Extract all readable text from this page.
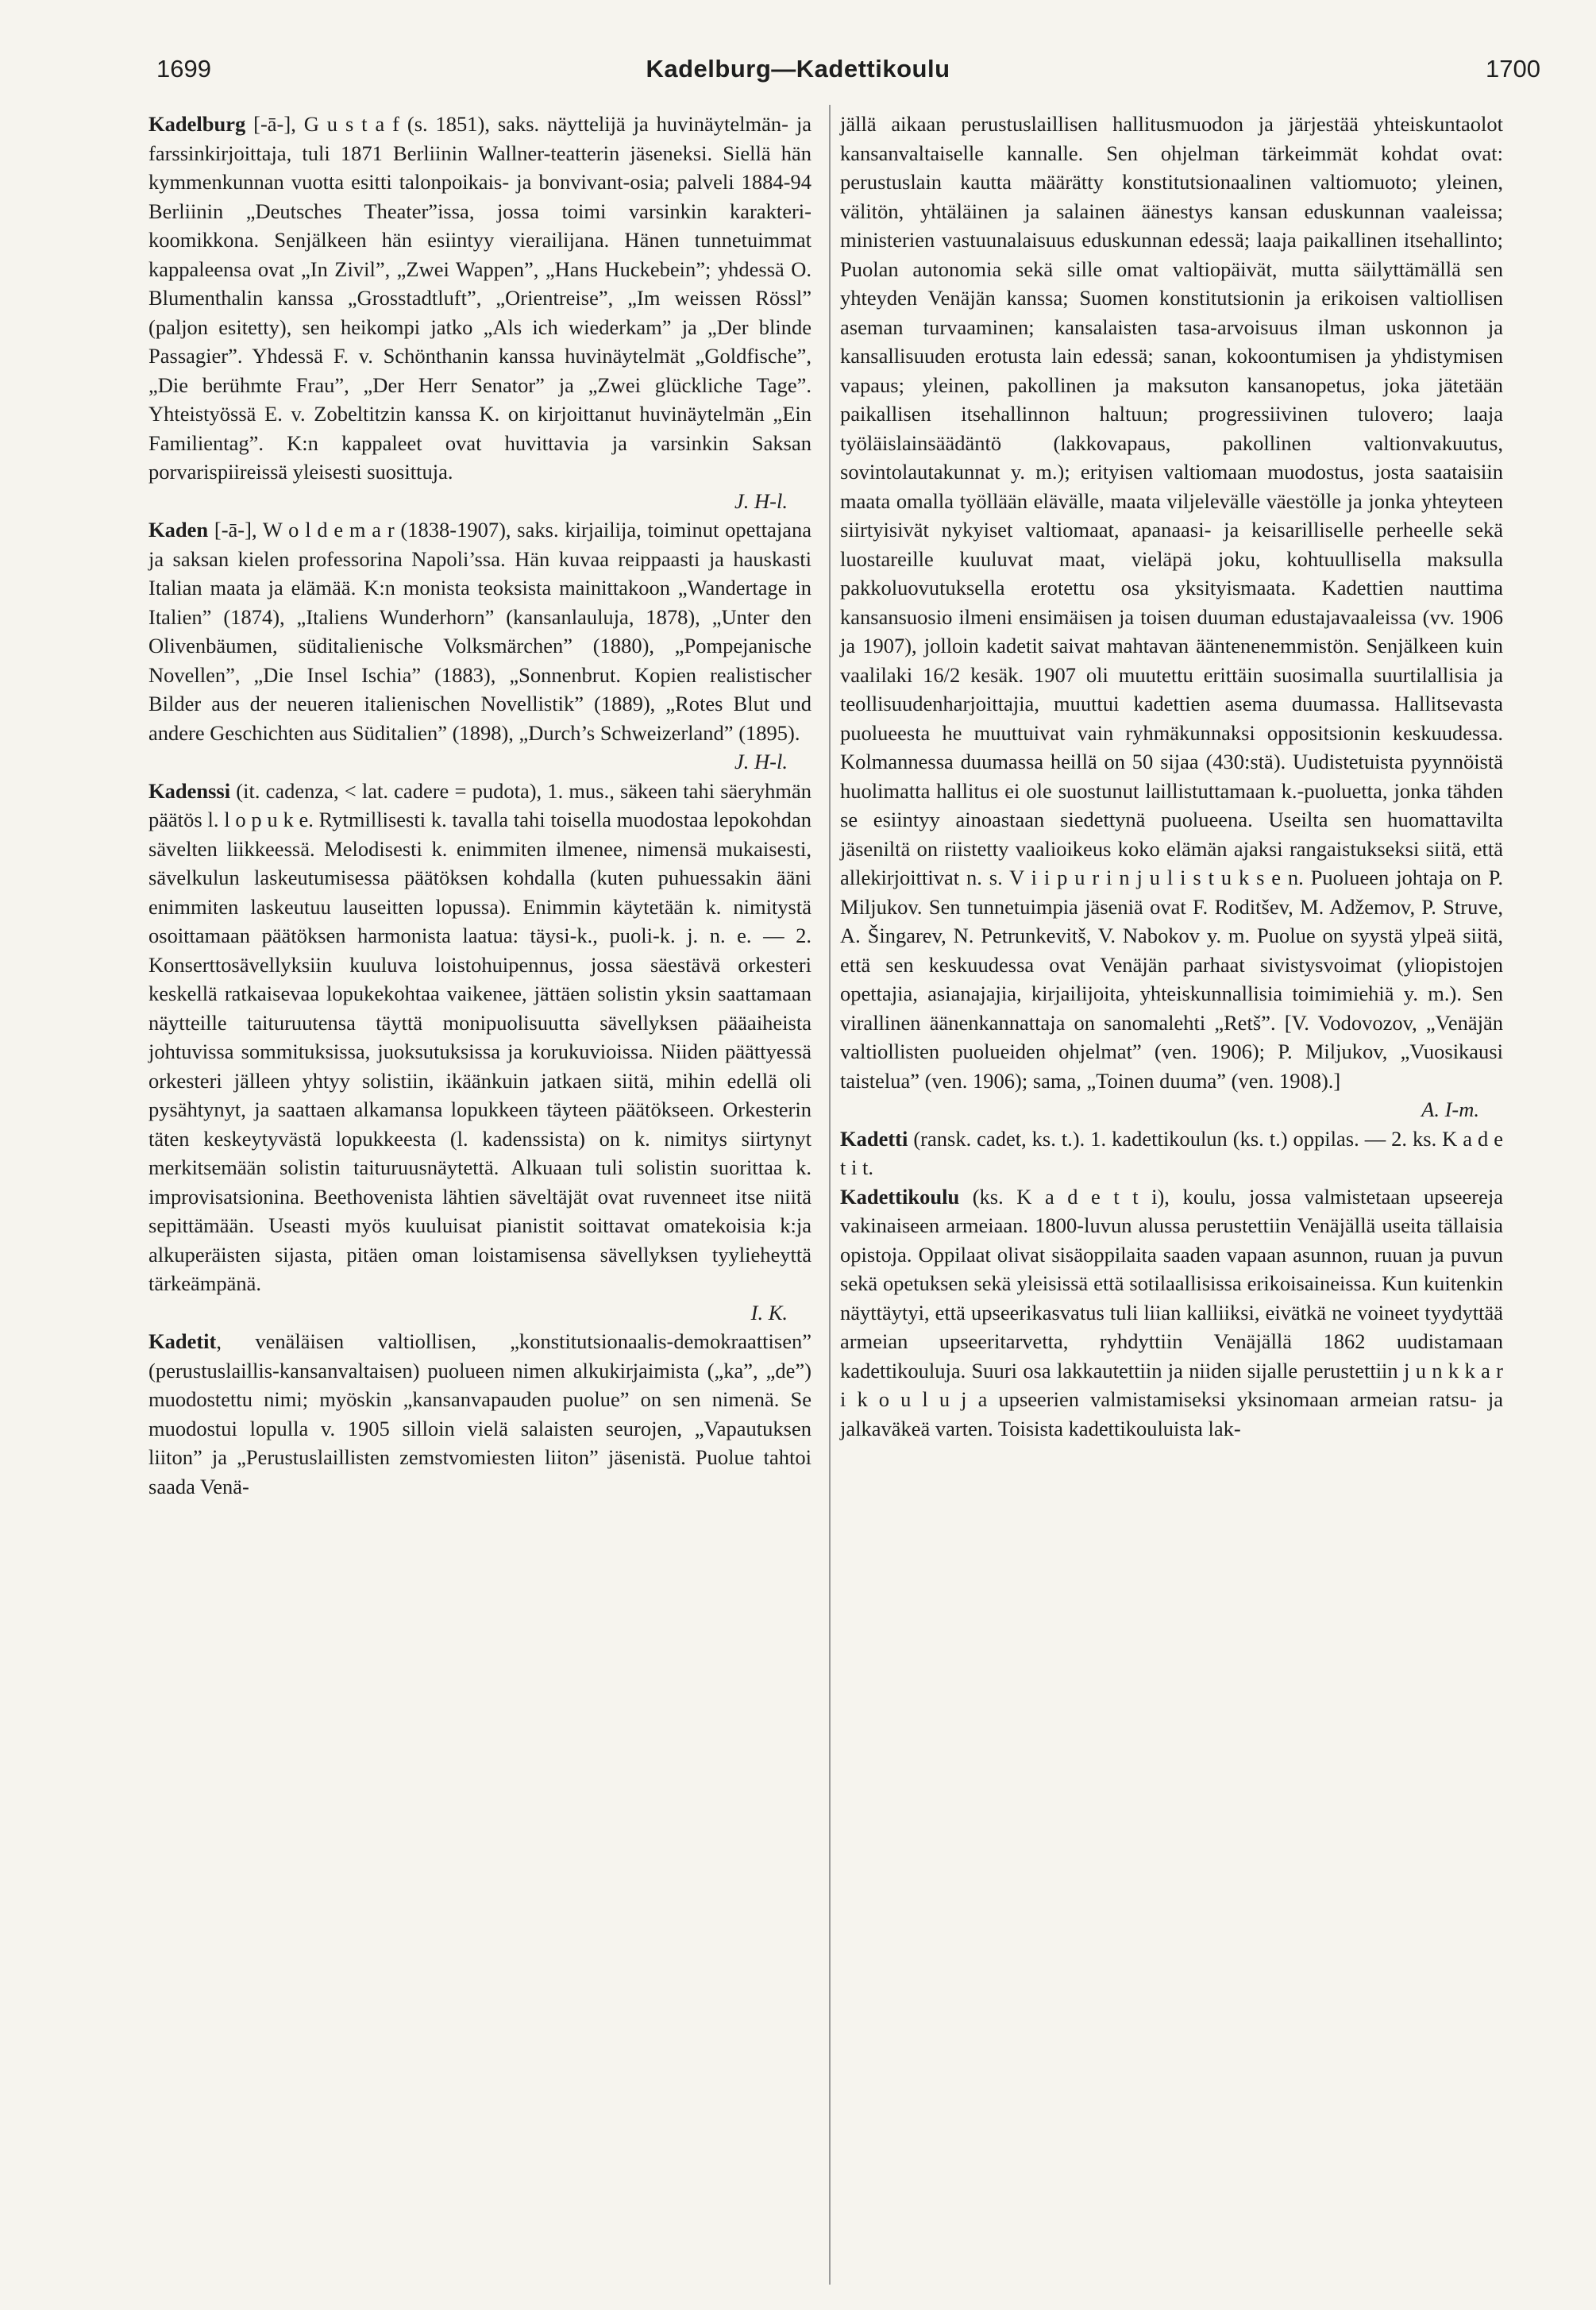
1699	Kadelburg—Kadettikoulu	1700

Kadelburg [-ā-], G u s t a f (s. 1851), saks. näyttelijä ja huvinäytelmän- ja farssinkirjoittaja, tuli 1871 Berliinin Wallner-teatterin jäseneksi. Siellä hän kymmenkunnan vuotta esitti talonpoikais- ja bonvivant-osia; palveli 1884-94 Berliinin „Deutsches Theater”issa, jossa toimi varsinkin karakteri-koomikkona. Senjälkeen hän esiintyy vierailijana. Hänen tunnetuimmat kappaleensa ovat „In Zivil”, „Zwei Wappen”, „Hans Huckebein”; yhdessä O. Blumenthalin kanssa „Grosstadtluft”, „Orientreise”, „Im weissen Rössl” (paljon esitetty), sen heikompi jatko „Als ich wiederkam” ja „Der blinde Passagier”. Yhdessä F. v. Schönthanin kanssa huvinäytelmät „Goldfische”, „Die berühmte Frau”, „Der Herr Senator” ja „Zwei glückliche Tage”. Yhteistyössä E. v. Zobeltitzin kanssa K. on kirjoittanut huvinäytelmän „Ein Familientag”. K:n kappaleet ovat huvittavia ja varsinkin Saksan porvarispiireissä yleisesti suosittuja.
J. H-l.

Kaden [-ā-], W o l d e m a r (1838-1907), saks. kirjailija, toiminut opettajana ja saksan kielen professorina Napoli’ssa. Hän kuvaa reippaasti ja hauskasti Italian maata ja elämää. K:n monista teoksista mainittakoon „Wandertage in Italien” (1874), „Italiens Wunderhorn” (kansanlauluja, 1878), „Unter den Olivenbäumen, süditalienische Volksmärchen” (1880), „Pompejanische Novellen”, „Die Insel Ischia” (1883), „Sonnenbrut. Kopien realistischer Bilder aus der neueren italienischen Novellistik” (1889), „Rotes Blut und andere Geschichten aus Süditalien” (1898), „Durch’s Schweizerland” (1895).
J. H-l.

Kadenssi (it. cadenza, < lat. cadere = pudota), 1. mus., säkeen tahi säeryhmän päätös l. l o p u k e. Rytmillisesti k. tavalla tahi toisella muodostaa lepokohdan sävelten liikkeessä. Melodisesti k. enimmiten ilmenee, nimensä mukaisesti, sävelkulun laskeutumisessa päätöksen kohdalla (kuten puhuessakin ääni enimmiten laskeutuu lauseitten lopussa). Enimmin käytetään k. nimitystä osoittamaan päätöksen harmonista laatua: täysi-k., puoli-k. j. n. e. — 2. Konserttosävellyksiin kuuluva loistohuipennus, jossa säestävä orkesteri keskellä ratkaisevaa lopukekohtaa vaikenee, jättäen solistin yksin saattamaan näytteille taituruutensa täyttä monipuolisuutta sävellyksen pääaiheista johtuvissa sommituksissa, juoksutuksissa ja korukuvioissa. Niiden päättyessä orkesteri jälleen yhtyy solistiin, ikäänkuin jatkaen siitä, mihin edellä oli pysähtynyt, ja saattaen alkamansa lopukkeen täyteen päätökseen. Orkesterin täten keskeytyvästä lopukkeesta (l. kadenssista) on k. nimitys siirtynyt merkitsemään solistin taituruusnäytettä. Alkuaan tuli solistin suorittaa k. improvisatsionina. Beethovenista lähtien säveltäjät ovat ruvenneet itse niitä sepittämään. Useasti myös kuuluisat pianistit soittavat omatekoisia k:ja alkuperäisten sijasta, pitäen oman loistamisensa sävellyksen tyylieheyttä tärkeämpänä.
I. K.

Kadetit, venäläisen valtiollisen, „konstitutsionaalis-demokraattisen” (perustuslaillis-kansanvaltaisen) puolueen nimen alkukirjaimista („ka”, „de”) muodostettu nimi; myöskin „kansanvapauden puolue” on sen nimenä. Se muodostui lopulla v. 1905 silloin vielä salaisten seurojen, „Vapautuksen liiton” ja „Perustuslaillisten zemstvomiesten liiton” jäsenistä. Puolue tahtoi saada Venä-

jällä aikaan perustuslaillisen hallitusmuodon ja järjestää yhteiskuntaolot kansanvaltaiselle kannalle. Sen ohjelman tärkeimmät kohdat ovat: perustuslain kautta määrätty konstitutsionaalinen valtiomuoto; yleinen, välitön, yhtäläinen ja salainen äänestys kansan eduskunnan vaaleissa; ministerien vastuunalaisuus eduskunnan edessä; laaja paikallinen itsehallinto; Puolan autonomia sekä sille omat valtiopäivät, mutta säilyttämällä sen yhteyden Venäjän kanssa; Suomen konstitutsionin ja erikoisen valtiollisen aseman turvaaminen; kansalaisten tasa-arvoisuus ilman uskonnon ja kansallisuuden erotusta lain edessä; sanan, kokoontumisen ja yhdistymisen vapaus; yleinen, pakollinen ja maksuton kansanopetus, joka jätetään paikallisen itsehallinnon haltuun; progressiivinen tulovero; laaja työläislainsäädäntö (lakkovapaus, pakollinen valtionvakuutus, sovintolautakunnat y. m.); erityisen valtiomaan muodostus, josta saataisiin maata omalla työllään elävälle, maata viljelevälle väestölle ja jonka yhteyteen siirtyisivät nykyiset valtiomaat, apanaasi- ja keisarilliselle perheelle sekä luostareille kuuluvat maat, vieläpä joku, kohtuullisella maksulla pakkoluovutuksella erotettu osa yksityismaata. Kadettien nauttima kansansuosio ilmeni ensimäisen ja toisen duuman edustajavaaleissa (vv. 1906 ja 1907), jolloin kadetit saivat mahtavan ääntenenemmistön. Senjälkeen kuin vaalilaki 16/2 kesäk. 1907 oli muutettu erittäin suosimalla suurtilallisia ja teollisuudenharjoittajia, muuttui kadettien asema duumassa. Hallitsevasta puolueesta he muuttuivat vain ryhmäkunnaksi oppositsionin keskuudessa. Kolmannessa duumassa heillä on 50 sijaa (430:stä). Uudistetuista pyynnöistä huolimatta hallitus ei ole suostunut laillistuttamaan k.-puoluetta, jonka tähden se esiintyy ainoastaan siedettynä puolueena. Useilta sen huomattavilta jäseniltä on riistetty vaalioikeus koko elämän ajaksi rangaistukseksi siitä, että allekirjoittivat n. s. V i i p u r i n j u l i s t u k s e n. Puolueen johtaja on P. Miljukov. Sen tunnetuimpia jäseniä ovat F. Roditšev, M. Adžemov, P. Struve, A. Šingarev, N. Petrunkevitš, V. Nabokov y. m. Puolue on syystä ylpeä siitä, että sen keskuudessa ovat Venäjän parhaat sivistysvoimat (yliopistojen opettajia, asianajajia, kirjailijoita, yhteiskunnallisia toimimiehiä y. m.). Sen virallinen äänenkannattaja on sanomalehti „Retš”. [V. Vodovozov, „Venäjän valtiollisten puolueiden ohjelmat” (ven. 1906); P. Miljukov, „Vuosikausi taistelua” (ven. 1906); sama, „Toinen duuma” (ven. 1908).]
A. I-m.

Kadetti (ransk. cadet, ks. t.). 1. kadettikoulun (ks. t.) oppilas. — 2. ks. K a d e t i t.

Kadettikoulu (ks. K a d e t t i), koulu, jossa valmistetaan upseereja vakinaiseen armeiaan. 1800-luvun alussa perustettiin Venäjällä useita tällaisia opistoja. Oppilaat olivat sisäoppilaita saaden vapaan asunnon, ruuan ja puvun sekä opetuksen sekä yleisissä että sotilaallisissa erikoisaineissa. Kun kuitenkin näyttäytyi, että upseerikasvatus tuli liian kalliiksi, eivätkä ne voineet tyydyttää armeian upseeritarvetta, ryhdyttiin Venäjällä 1862 uudistamaan kadettikouluja. Suuri osa lakkautettiin ja niiden sijalle perustettiin j u n k k a r i k o u l u j a upseerien valmistamiseksi yksinomaan armeian ratsu- ja jalkaväkeä varten. Toisista kadettikouluista lak-
